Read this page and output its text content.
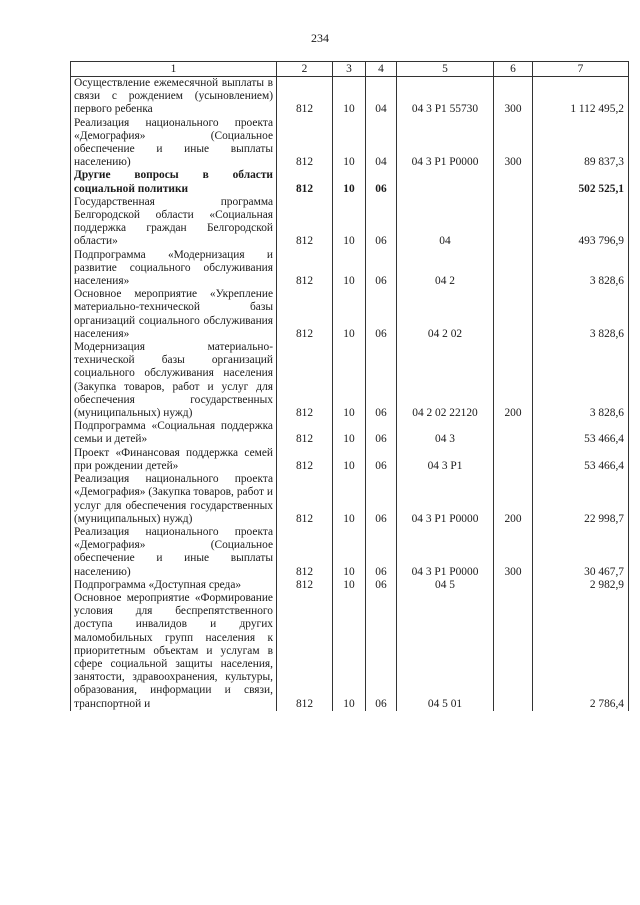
234
1	2	3	4	5	6	7
Осуществление ежемесячной выплаты в связи с рождением (усыновлением) первого ребенка	812	10	04	04 3 P1 55730	300	1 112 495,2
Реализация национального проекта «Демография» (Социальное обеспечение и иные выплаты населению)	812	10	04	04 3 P1 P0000	300	89 837,3
Другие вопросы в области социальной политики	812	10	06			502 525,1
Государственная программа Белгородской области «Социальная поддержка граждан Белгородской области»	812	10	06	04		493 796,9
Подпрограмма «Модернизация и развитие социального обслуживания населения»	812	10	06	04 2		3 828,6
Основное мероприятие «Укрепление материально-технической базы организаций социального обслуживания населения»	812	10	06	04 2 02		3 828,6
Модернизация материально-технической базы организаций социального обслуживания населения (Закупка товаров, работ и услуг для обеспечения государственных (муниципальных) нужд)	812	10	06	04 2 02 22120	200	3 828,6
Подпрограмма «Социальная поддержка семьи и детей»	812	10	06	04 3		53 466,4
Проект «Финансовая поддержка семей при рождении детей»	812	10	06	04 3 P1		53 466,4
Реализация национального проекта «Демография» (Закупка товаров, работ и услуг для обеспечения государственных (муниципальных) нужд)	812	10	06	04 3 P1 P0000	200	22 998,7
Реализация национального проекта «Демография» (Социальное обеспечение и иные выплаты населению)	812	10	06	04 3 P1 P0000	300	30 467,7
Подпрограмма «Доступная среда»	812	10	06	04 5		2 982,9
Основное мероприятие «Формирование условия для беспрепятственного доступа инвалидов и других маломобильных групп населения к приоритетным объектам и услугам в сфере социальной защиты населения, занятости, здравоохранения, культуры, образования, информации и связи, транспортной и	812	10	06	04 5 01		2 786,4
